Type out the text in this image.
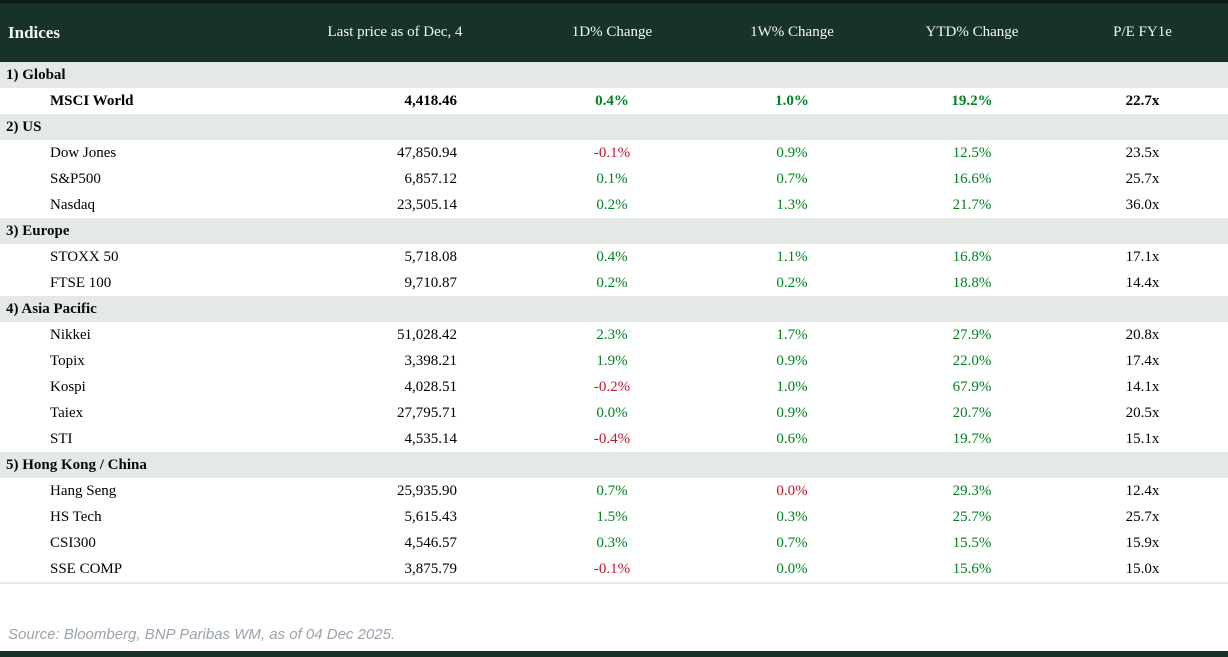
Indices	Last price as of Dec, 4	1D% Change	1W% Change	YTD% Change	P/E FY1e
1) Global					
MSCI World	4,418.46	0.4%	1.0%	19.2%	22.7x
2) US					
Dow Jones	47,850.94	-0.1%	0.9%	12.5%	23.5x
S&P500	6,857.12	0.1%	0.7%	16.6%	25.7x
Nasdaq	23,505.14	0.2%	1.3%	21.7%	36.0x
3) Europe					
STOXX 50	5,718.08	0.4%	1.1%	16.8%	17.1x
FTSE 100	9,710.87	0.2%	0.2%	18.8%	14.4x
4) Asia Pacific					
Nikkei	51,028.42	2.3%	1.7%	27.9%	20.8x
Topix	3,398.21	1.9%	0.9%	22.0%	17.4x
Kospi	4,028.51	-0.2%	1.0%	67.9%	14.1x
Taiex	27,795.71	0.0%	0.9%	20.7%	20.5x
STI	4,535.14	-0.4%	0.6%	19.7%	15.1x
5) Hong Kong / China					
Hang Seng	25,935.90	0.7%	0.0%	29.3%	12.4x
HS Tech	5,615.43	1.5%	0.3%	25.7%	25.7x
CSI300	4,546.57	0.3%	0.7%	15.5%	15.9x
SSE COMP	3,875.79	-0.1%	0.0%	15.6%	15.0x
Source: Bloomberg, BNP Paribas WM, as of 04 Dec 2025.
